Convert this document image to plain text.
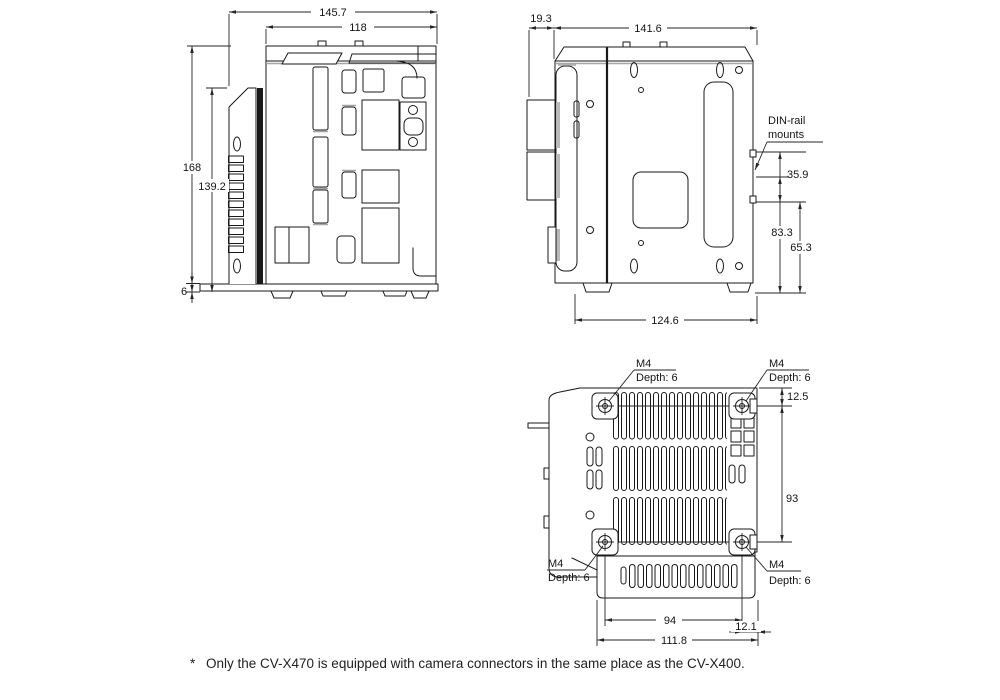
145.7
118
168
139.2
6
19.3
141.6
124.6
35.9
83.3
65.3
DIN-rail
mounts
M4
Depth: 6
M4
Depth: 6
M4
Depth: 6
M4
Depth: 6
12.5
93
94	12.1
111.8
* Only the CV-X470 is equipped with camera connectors in the same place as the CV-X400.
